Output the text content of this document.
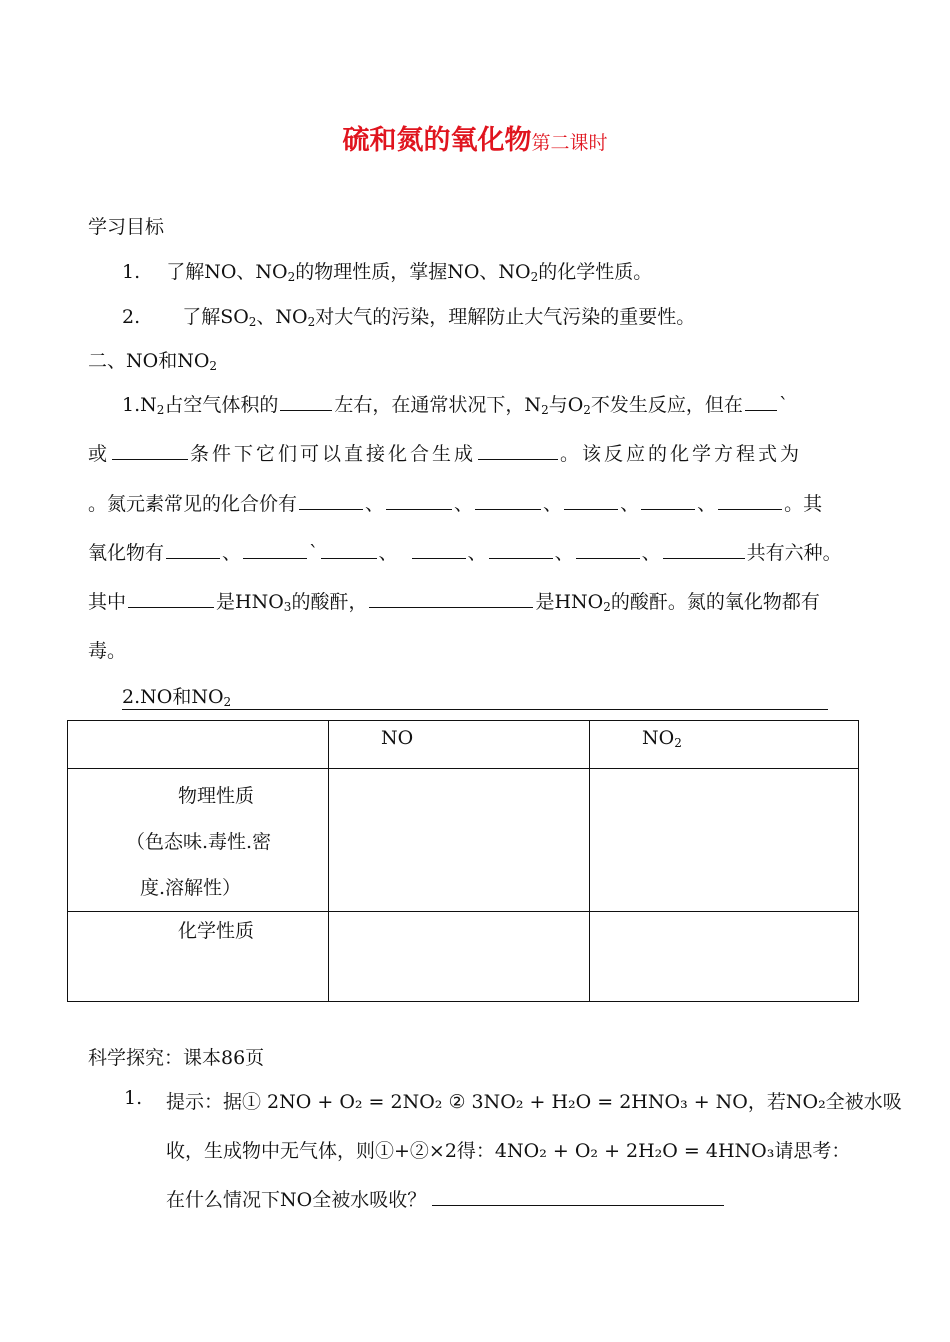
硫和氮的氧化物第二课时
学习目标
1. 了解NO、$NO_2$的物理性质，掌握NO、$NO_2$的化学性质。
2. 了解$SO_2$、$NO_2$对大气的污染，理解防止大气污染的重要性。
二、NO和$NO_2$
$1.N_2$占空气体积的	左右，在通常状况下，$N_2$与$O_2$不发生反应，但在 `
或	条件下它们可以直接化合生成	。该反应的化学方程式为
。氮元素常见的化合价有	、	、	、	、	、	。其
氧化物有	、	`	、	、	、	、	共有六种。
其中	是$HNO_3$的酸酐，	是$HNO_2$的酸酐。氮的氧化物都有
毒。
2.NO和$NO_2$

	NO	$NO_2$

物理性质
（色态味.毒性.密
度.溶解性）		

化学性质		

科学探究：课本86页
1. 提示：据① 2NO + O₂ = 2NO₂ ② 3NO₂ + H₂O = 2HNO₃ + NO，若NO₂全被水吸
收，生成物中无气体，则①+②×2得：4NO₂ + O₂ + 2H₂O = 4HNO₃请思考：
在什么情况下NO全被水吸收？
